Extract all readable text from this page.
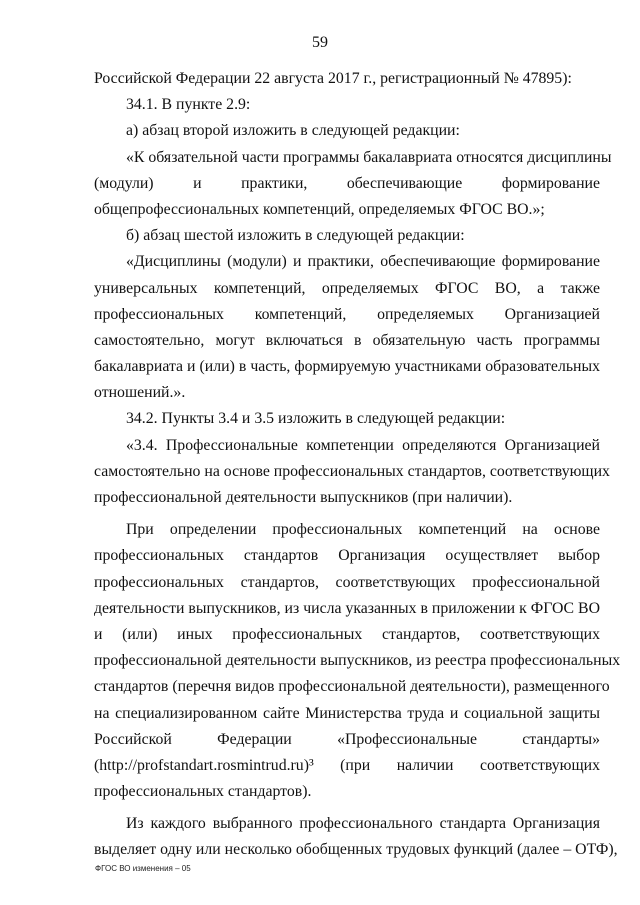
59
Российской Федерации 22 августа 2017 г., регистрационный № 47895):
34.1. В пункте 2.9:
а) абзац второй изложить в следующей редакции:
«К обязательной части программы бакалавриата относятся дисциплины
(модули) и практики, обеспечивающие формирование
общепрофессиональных компетенций, определяемых ФГОС ВО.»;
б) абзац шестой изложить в следующей редакции:
«Дисциплины (модули) и практики, обеспечивающие формирование
универсальных компетенций, определяемых ФГОС ВО, а также
профессиональных компетенций, определяемых Организацией
самостоятельно, могут включаться в обязательную часть программы
бакалавриата и (или) в часть, формируемую участниками образовательных
отношений.».
34.2. Пункты 3.4 и 3.5 изложить в следующей редакции:
«3.4. Профессиональные компетенции определяются Организацией
самостоятельно на основе профессиональных стандартов, соответствующих
профессиональной деятельности выпускников (при наличии).
При определении профессиональных компетенций на основе
профессиональных стандартов Организация осуществляет выбор
профессиональных стандартов, соответствующих профессиональной
деятельности выпускников, из числа указанных в приложении к ФГОС ВО
и (или) иных профессиональных стандартов, соответствующих
профессиональной деятельности выпускников, из реестра профессиональных
стандартов (перечня видов профессиональной деятельности), размещенного
на специализированном сайте Министерства труда и социальной защиты
Российской Федерации «Профессиональные стандарты»
(http://profstandart.rosmintrud.ru)³ (при наличии соответствующих
профессиональных стандартов).
Из каждого выбранного профессионального стандарта Организация
выделяет одну или несколько обобщенных трудовых функций (далее – ОТФ),
ФГОС ВО изменения – 05
